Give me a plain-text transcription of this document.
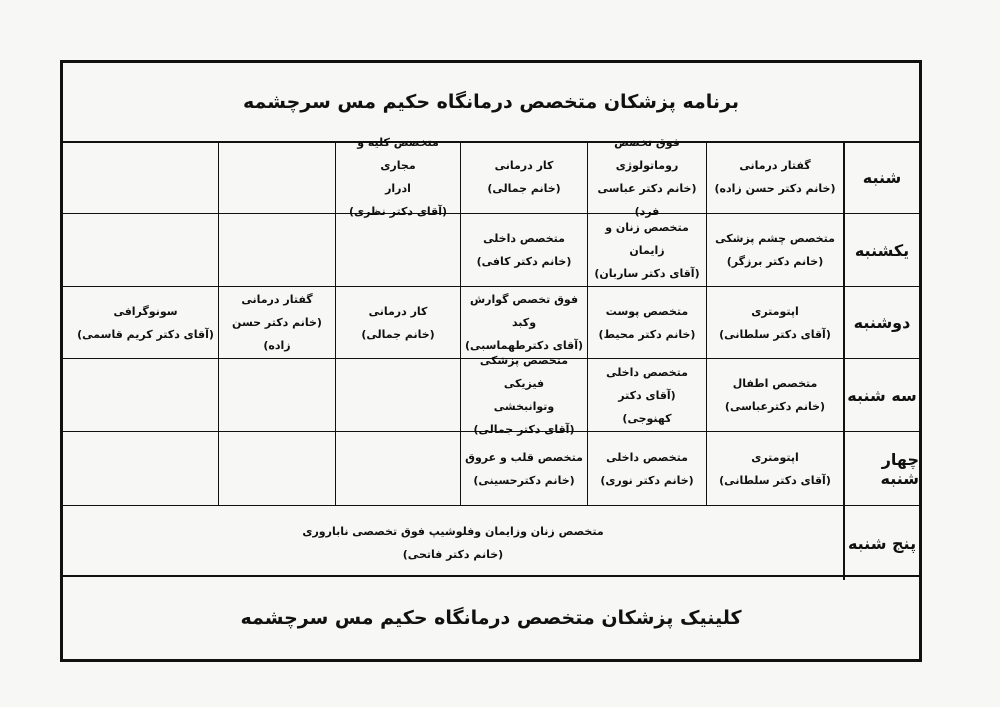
برنامه پزشکان متخصص درمانگاه حکیم مس سرچشمه
شنبه
گفتار درمانی
(خانم دکتر حسن زاده)
فوق تخصص روماتولوژی
(خانم دکتر عباسی فرد)
کار درمانی
(خانم جمالی)
متخصص کلیه و مجاری
ادرار
(آقای دکتر نظری)
یکشنبه
متخصص چشم پزشکی
(خانم دکتر برزگر)
متخصص زنان و زایمان
(آقای دکتر ساربان)
متخصص داخلی
(خانم دکتر کافی)
دوشنبه
اپتومتری
(آقای دکتر سلطانی)
متخصص پوست
(خانم دکتر محیط)
فوق تخصص گوارش وکبد
(آقای دکترطهماسبی)
کار درمانی
(خانم جمالی)
گفتار درمانی
(خانم دکتر حسن زاده)
سونوگرافی
(آقای دکتر کریم قاسمی)
سه شنبه
متخصص اطفال
(خانم دکترعباسی)
متخصص داخلی
(آقای دکتر کهنوجی)
متخصص پزشکی فیزیکی
وتوانبخشی
(آقای دکتر جمالی)
چهار شنبه
اپتومتری
(آقای دکتر سلطانی)
متخصص داخلی
(خانم دکتر نوری)
متخصص قلب و عروق
(خانم دکترحسینی)
پنج شنبه
متخصص زنان وزایمان وفلوشیپ فوق تخصصی ناباروری
(خانم دکتر فاتحی)
کلینیک پزشکان متخصص درمانگاه حکیم مس سرچشمه
